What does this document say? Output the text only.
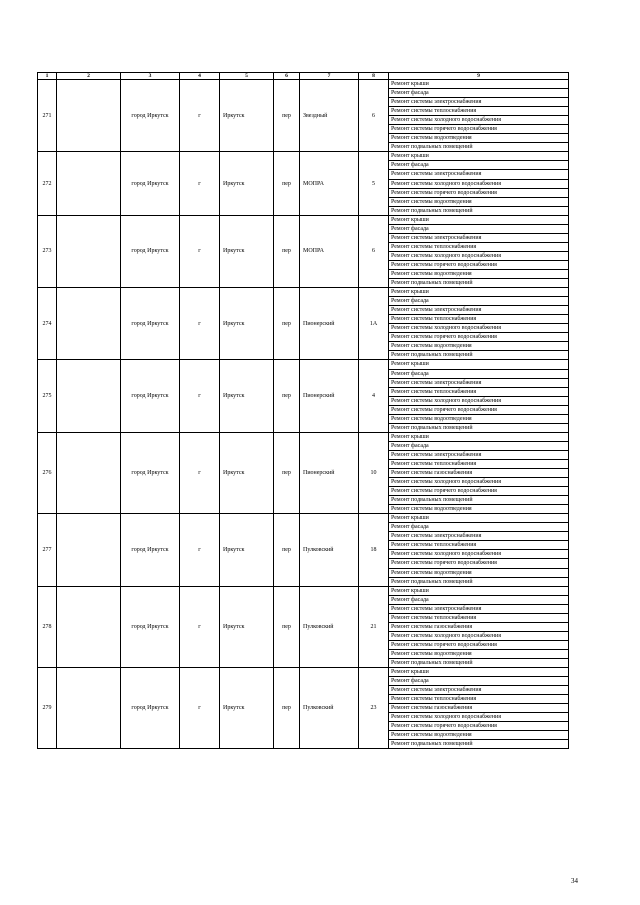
1	2	3	4	5	6	7	8	9
271		город Иркутск	г	Иркутск	пер	Звездный	6	Ремонт крыши
								Ремонт фасада
								Ремонт системы электроснабжения
								Ремонт системы теплоснабжения
								Ремонт системы холодного водоснабжения
								Ремонт системы горячего водоснабжения
								Ремонт системы водоотведения
								Ремонт подвальных помещений
272		город Иркутск	г	Иркутск	пер	МОПРА	5	Ремонт крыши
								Ремонт фасада
								Ремонт системы электроснабжения
								Ремонт системы холодного водоснабжения
								Ремонт системы горячего водоснабжения
								Ремонт системы водоотведения
								Ремонт подвальных помещений
273		город Иркутск	г	Иркутск	пер	МОПРА	6	Ремонт крыши
								Ремонт фасада
								Ремонт системы электроснабжения
								Ремонт системы теплоснабжения
								Ремонт системы холодного водоснабжения
								Ремонт системы горячего водоснабжения
								Ремонт системы водоотведения
								Ремонт подвальных помещений
274		город Иркутск	г	Иркутск	пер	Пионерский	1А	Ремонт крыши
								Ремонт фасада
								Ремонт системы электроснабжения
								Ремонт системы теплоснабжения
								Ремонт системы холодного водоснабжения
								Ремонт системы горячего водоснабжения
								Ремонт системы водоотведения
								Ремонт подвальных помещений
275		город Иркутск	г	Иркутск	пер	Пионерский	4	Ремонт крыши
								Ремонт фасада
								Ремонт системы электроснабжения
								Ремонт системы теплоснабжения
								Ремонт системы холодного водоснабжения
								Ремонт системы горячего водоснабжения
								Ремонт системы водоотведения
								Ремонт подвальных помещений
276		город Иркутск	г	Иркутск	пер	Пионерский	10	Ремонт крыши
								Ремонт фасада
								Ремонт системы электроснабжения
								Ремонт системы теплоснабжения
								Ремонт системы газоснабжения
								Ремонт системы холодного водоснабжения
								Ремонт системы горячего водоснабжения
								Ремонт подвальных помещений
								Ремонт системы водоотведения
277		город Иркутск	г	Иркутск	пер	Пулковский	18	Ремонт крыши
								Ремонт фасада
								Ремонт системы электроснабжения
								Ремонт системы теплоснабжения
								Ремонт системы холодного водоснабжения
								Ремонт системы горячего водоснабжения
								Ремонт системы водоотведения
								Ремонт подвальных помещений
278		город Иркутск	г	Иркутск	пер	Пулковский	21	Ремонт крыши
								Ремонт фасада
								Ремонт системы электроснабжения
								Ремонт системы теплоснабжения
								Ремонт системы газоснабжения
								Ремонт системы холодного водоснабжения
								Ремонт системы горячего водоснабжения
								Ремонт системы водоотведения
								Ремонт подвальных помещений
279		город Иркутск	г	Иркутск	пер	Пулковский	23	Ремонт крыши
								Ремонт фасада
								Ремонт системы электроснабжения
								Ремонт системы теплоснабжения
								Ремонт системы газоснабжения
								Ремонт системы холодного водоснабжения
								Ремонт системы горячего водоснабжения
								Ремонт системы водоотведения
								Ремонт подвальных помещений
34
